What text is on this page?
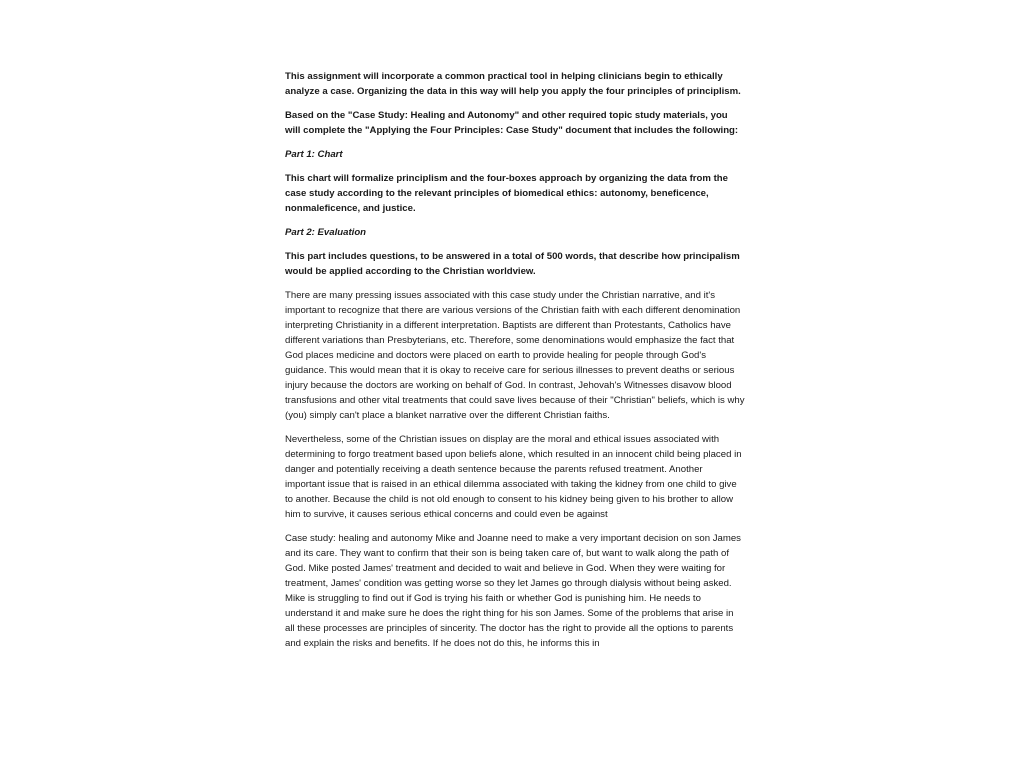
This assignment will incorporate a common practical tool in helping clinicians begin to ethically analyze a case. Organizing the data in this way will help you apply the four principles of principlism.

Based on the "Case Study: Healing and Autonomy" and other required topic study materials, you will complete the "Applying the Four Principles: Case Study" document that includes the following:

Part 1: Chart

This chart will formalize principlism and the four-boxes approach by organizing the data from the case study according to the relevant principles of biomedical ethics: autonomy, beneficence, nonmaleficence, and justice.

Part 2: Evaluation

This part includes questions, to be answered in a total of 500 words, that describe how principalism would be applied according to the Christian worldview.

There are many pressing issues associated with this case study under the Christian narrative, and it's important to recognize that there are various versions of the Christian faith with each different denomination interpreting Christianity in a different interpretation. Baptists are different than Protestants, Catholics have different variations than Presbyterians, etc. Therefore, some denominations would emphasize the fact that God places medicine and doctors were placed on earth to provide healing for people through God's guidance. This would mean that it is okay to receive care for serious illnesses to prevent deaths or serious injury because the doctors are working on behalf of God. In contrast, Jehovah's Witnesses disavow blood transfusions and other vital treatments that could save lives because of their "Christian" beliefs, which is why (you) simply can't place a blanket narrative over the different Christian faiths.

Nevertheless, some of the Christian issues on display are the moral and ethical issues associated with determining to forgo treatment based upon beliefs alone, which resulted in an innocent child being placed in danger and potentially receiving a death sentence because the parents refused treatment. Another important issue that is raised in an ethical dilemma associated with taking the kidney from one child to give to another. Because the child is not old enough to consent to his kidney being given to his brother to allow him to survive, it causes serious ethical concerns and could even be against

Case study: healing and autonomy Mike and Joanne need to make a very important decision on son James and its care. They want to confirm that their son is being taken care of, but want to walk along the path of God. Mike posted James' treatment and decided to wait and believe in God. When they were waiting for treatment, James' condition was getting worse so they let James go through dialysis without being asked. Mike is struggling to find out if God is trying his faith or whether God is punishing him. He needs to understand it and make sure he does the right thing for his son James. Some of the problems that arise in all these processes are principles of sincerity. The doctor has the right to provide all the options to parents and explain the risks and benefits. If he does not do this, he informs this in
